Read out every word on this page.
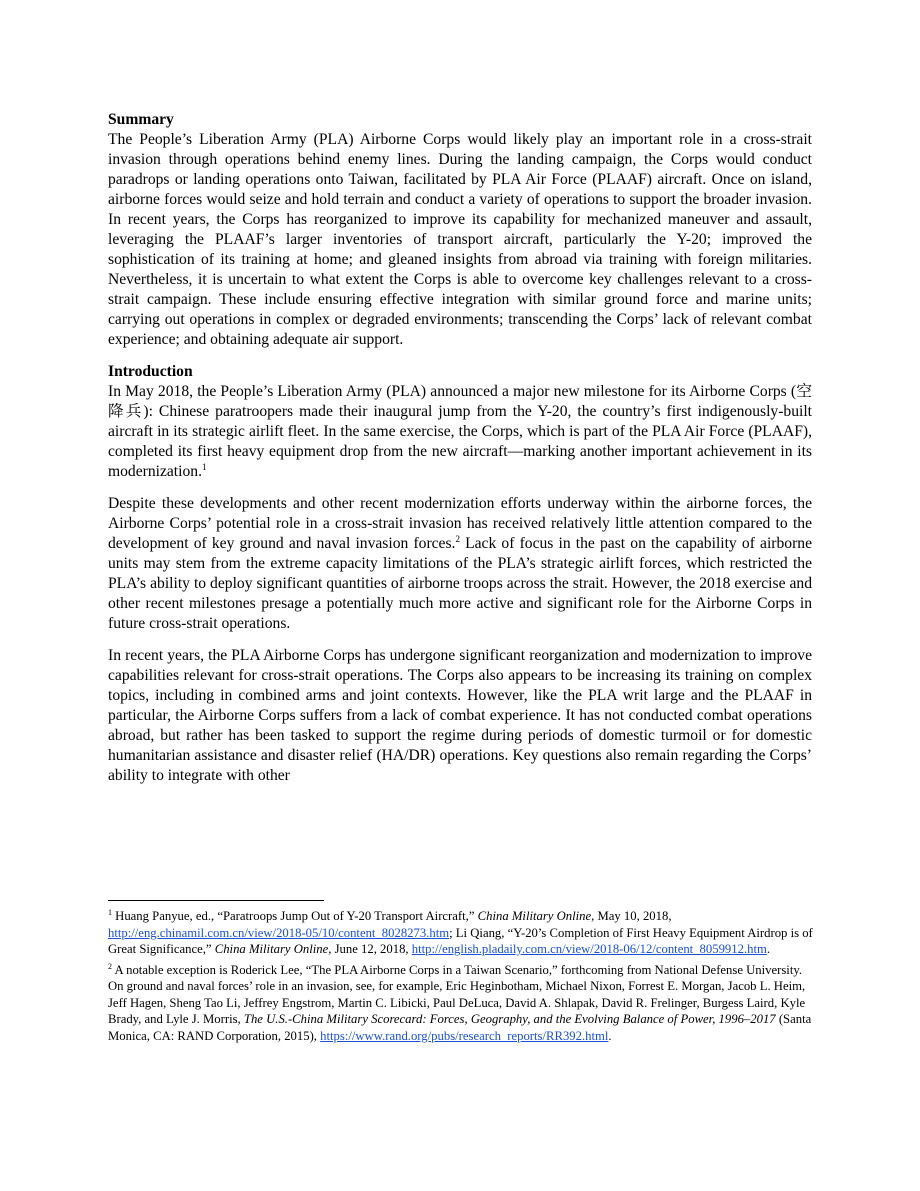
Summary

The People’s Liberation Army (PLA) Airborne Corps would likely play an important role in a cross-strait invasion through operations behind enemy lines. During the landing campaign, the Corps would conduct paradrops or landing operations onto Taiwan, facilitated by PLA Air Force (PLAAF) aircraft. Once on island, airborne forces would seize and hold terrain and conduct a variety of operations to support the broader invasion. In recent years, the Corps has reorganized to improve its capability for mechanized maneuver and assault, leveraging the PLAAF’s larger inventories of transport aircraft, particularly the Y-20; improved the sophistication of its training at home; and gleaned insights from abroad via training with foreign militaries. Nevertheless, it is uncertain to what extent the Corps is able to overcome key challenges relevant to a cross-strait campaign. These include ensuring effective integration with similar ground force and marine units; carrying out operations in complex or degraded environments; transcending the Corps’ lack of relevant combat experience; and obtaining adequate air support.

Introduction

In May 2018, the People’s Liberation Army (PLA) announced a major new milestone for its Airborne Corps (空降兵): Chinese paratroopers made their inaugural jump from the Y-20, the country’s first indigenously-built aircraft in its strategic airlift fleet. In the same exercise, the Corps, which is part of the PLA Air Force (PLAAF), completed its first heavy equipment drop from the new aircraft—marking another important achievement in its modernization.$^1$

Despite these developments and other recent modernization efforts underway within the airborne forces, the Airborne Corps’ potential role in a cross-strait invasion has received relatively little attention compared to the development of key ground and naval invasion forces.$^2$ Lack of focus in the past on the capability of airborne units may stem from the extreme capacity limitations of the PLA’s strategic airlift forces, which restricted the PLA’s ability to deploy significant quantities of airborne troops across the strait. However, the 2018 exercise and other recent milestones presage a potentially much more active and significant role for the Airborne Corps in future cross-strait operations.

In recent years, the PLA Airborne Corps has undergone significant reorganization and modernization to improve capabilities relevant for cross-strait operations. The Corps also appears to be increasing its training on complex topics, including in combined arms and joint contexts. However, like the PLA writ large and the PLAAF in particular, the Airborne Corps suffers from a lack of combat experience. It has not conducted combat operations abroad, but rather has been tasked to support the regime during periods of domestic turmoil or for domestic humanitarian assistance and disaster relief (HA/DR) operations. Key questions also remain regarding the Corps’ ability to integrate with other

$^1$ Huang Panyue, ed., “Paratroops Jump Out of Y-20 Transport Aircraft,” China Military Online, May 10, 2018, http://eng.chinamil.com.cn/view/2018-05/10/content_8028273.htm; Li Qiang, “Y-20’s Completion of First Heavy Equipment Airdrop is of Great Significance,” China Military Online, June 12, 2018, http://english.pladaily.com.cn/view/2018-06/12/content_8059912.htm.

$^2$ A notable exception is Roderick Lee, “The PLA Airborne Corps in a Taiwan Scenario,” forthcoming from National Defense University. On ground and naval forces’ role in an invasion, see, for example, Eric Heginbotham, Michael Nixon, Forrest E. Morgan, Jacob L. Heim, Jeff Hagen, Sheng Tao Li, Jeffrey Engstrom, Martin C. Libicki, Paul DeLuca, David A. Shlapak, David R. Frelinger, Burgess Laird, Kyle Brady, and Lyle J. Morris, The U.S.-China Military Scorecard: Forces, Geography, and the Evolving Balance of Power, 1996–2017 (Santa Monica, CA: RAND Corporation, 2015), https://www.rand.org/pubs/research_reports/RR392.html.
